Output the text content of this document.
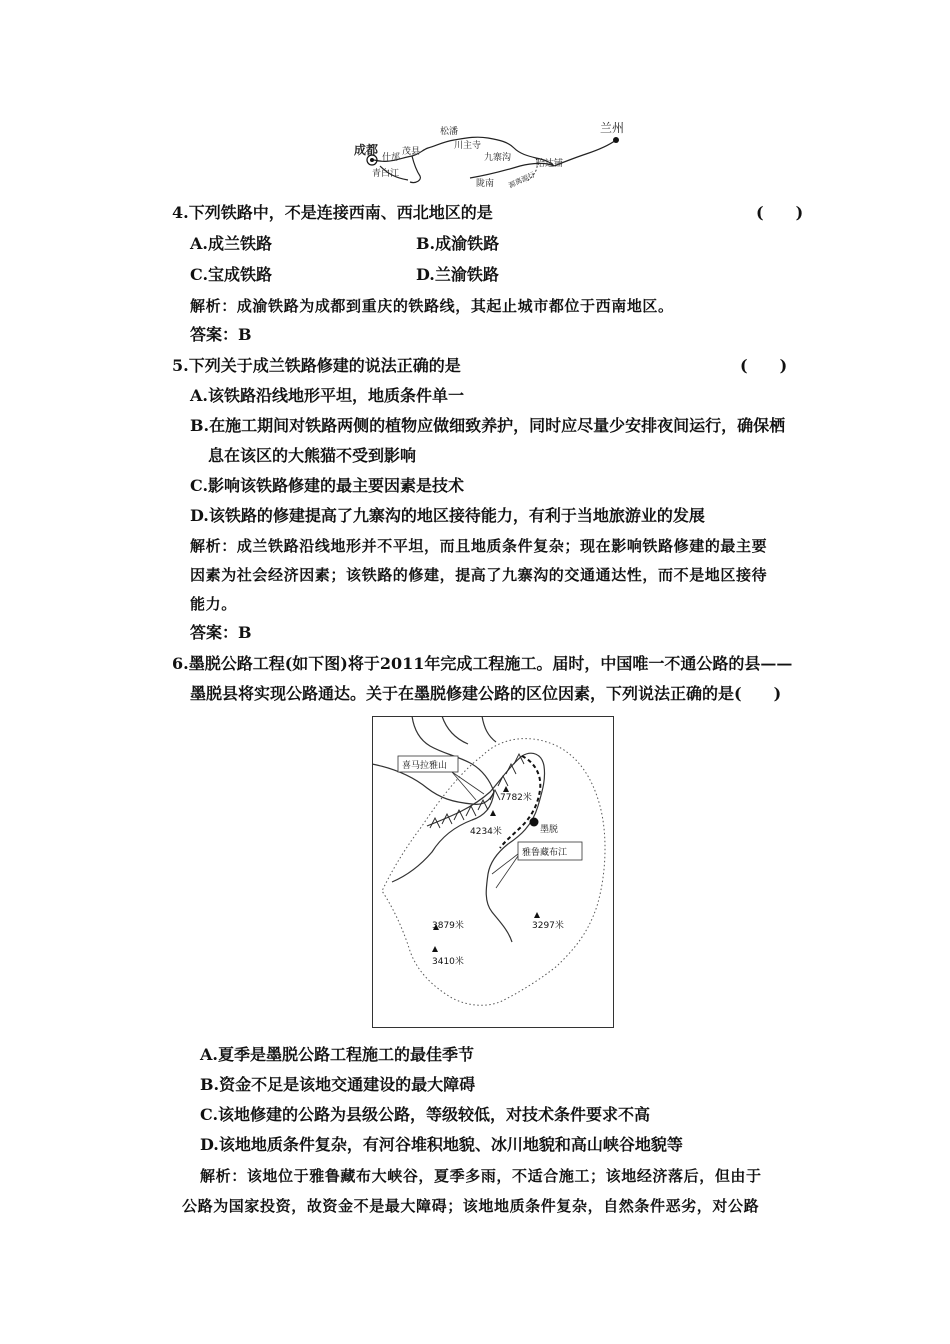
成都
兰州
松潘
川主寺
茂县
什邡
青白江
九寨沟
陇南
哈达铺
源离源行
4.下列铁路中，不是连接西南、西北地区的是	(　　)
A.成兰铁路	B.成渝铁路
C.宝成铁路	D.兰渝铁路
解析：成渝铁路为成都到重庆的铁路线，其起止城市都位于西南地区。
答案：B
5.下列关于成兰铁路修建的说法正确的是	(　　)
A.该铁路沿线地形平坦，地质条件单一
B.在施工期间对铁路两侧的植物应做细致养护，同时应尽量少安排夜间运行，确保栖
息在该区的大熊猫不受到影响
C.影响该铁路修建的最主要因素是技术
D.该铁路的修建提高了九寨沟的地区接待能力，有利于当地旅游业的发展
解析：成兰铁路沿线地形并不平坦，而且地质条件复杂；现在影响铁路修建的最主要
因素为社会经济因素；该铁路的修建，提高了九寨沟的交通通达性，而不是地区接待
能力。
答案：B
6.墨脱公路工程(如下图)将于2011年完成工程施工。届时，中国唯一不通公路的县——
墨脱县将实现公路通达。关于在墨脱修建公路的区位因素，下列说法正确的是(　　)
喜马拉雅山
雅鲁藏布江
墨脱
7782米
4234米
3297米
3879米
3410米
A.夏季是墨脱公路工程施工的最佳季节
B.资金不足是该地交通建设的最大障碍
C.该地修建的公路为县级公路，等级较低，对技术条件要求不高
D.该地地质条件复杂，有河谷堆积地貌、冰川地貌和高山峡谷地貌等
解析：该地位于雅鲁藏布大峡谷，夏季多雨，不适合施工；该地经济落后，但由于
公路为国家投资，故资金不是最大障碍；该地地质条件复杂，自然条件恶劣，对公路
